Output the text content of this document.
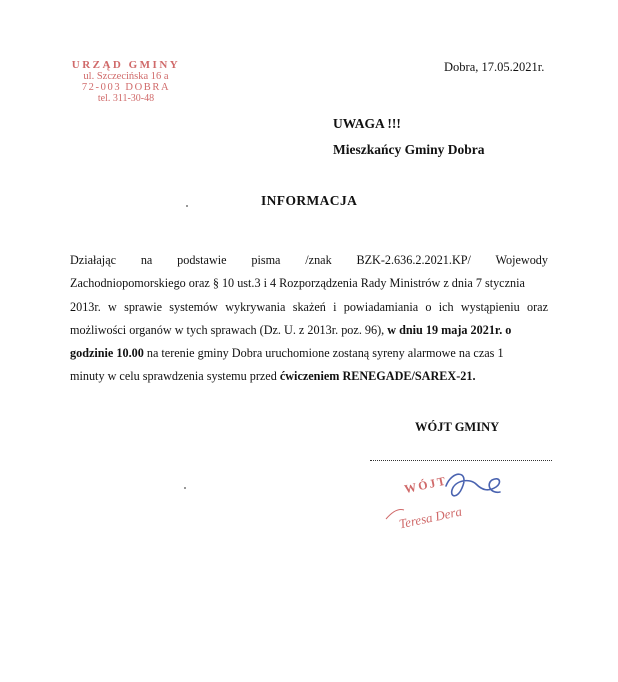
URZĄD GMINY
ul. Szczecińska 16 a
72-003 DOBRA
tel. 311-30-48
Dobra, 17.05.2021r.
UWAGA !!!
Mieszkańcy Gminy Dobra
INFORMACJA
Działając na podstawie pisma /znak BZK-2.636.2.2021.KP/ Wojewody
Zachodniopomorskiego oraz § 10 ust.3 i 4 Rozporządzenia Rady Ministrów z dnia 7 stycznia
2013r. w sprawie systemów wykrywania skażeń i powiadamiania o ich wystąpieniu oraz
możliwości organów w tych sprawach (Dz. U. z 2013r. poz. 96), w dniu 19 maja 2021r. o
godzinie 10.00 na terenie gminy Dobra uruchomione zostaną syreny alarmowe na czas 1
minuty w celu sprawdzenia systemu przed ćwiczeniem RENEGADE/SAREX-21.
WÓJT GMINY
WÓJT
Teresa Dera
